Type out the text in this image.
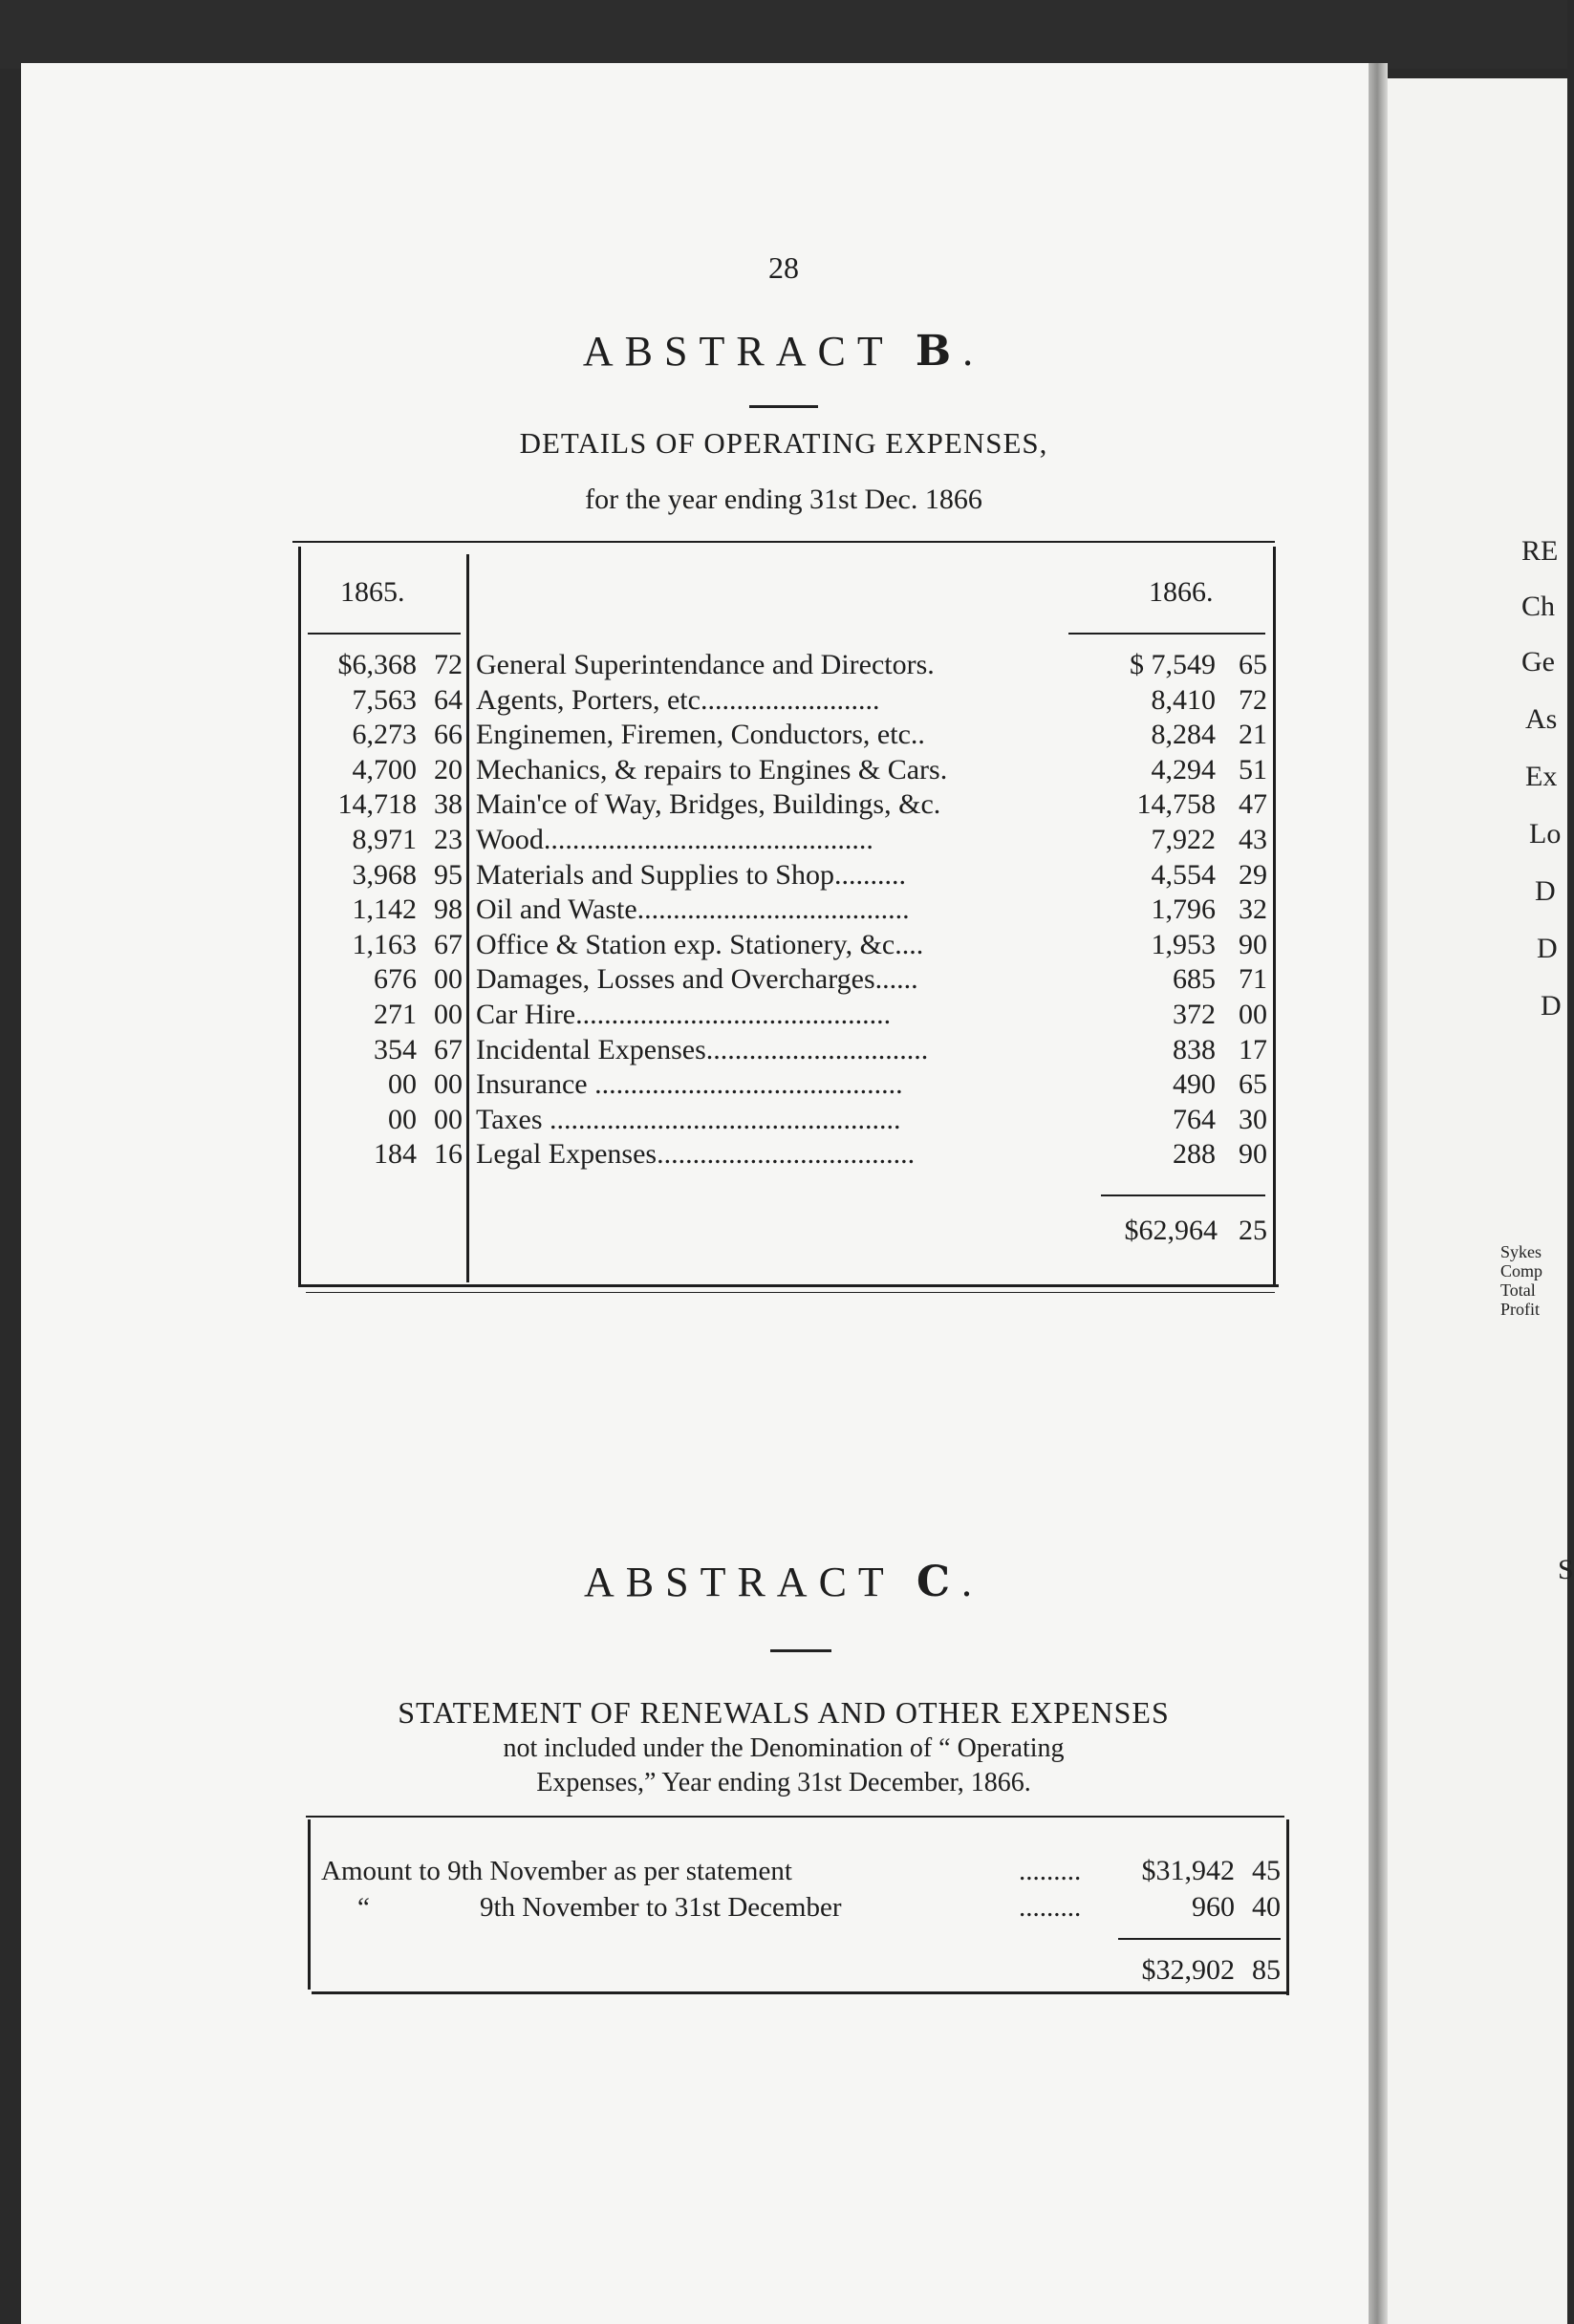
28
ABSTRACT B.
DETAILS OF OPERATING EXPENSES,
for the year ending 31st Dec. 1866
1865.	1866.
$6,368 72 General Superintendance and Directors.	$ 7,549 65
7,563 64 Agents, Porters, etc.........................	8,410 72
6,273 66 Enginemen, Firemen, Conductors, etc..	8,284 21
4,700 20 Mechanics, & repairs to Engines & Cars.	4,294 51
14,718 38 Main'ce of Way, Bridges, Buildings, &c.	14,758 47
8,971 23 Wood..............................................	7,922 43
3,968 95 Materials and Supplies to Shop..........	4,554 29
1,142 98 Oil and Waste......................................	1,796 32
1,163 67 Office & Station exp. Stationery, &c....	1,953 90
676 00 Damages, Losses and Overcharges......	685 71
271 00 Car Hire............................................	372 00
354 67 Incidental Expenses...............................	838 17
00 00 Insurance ...........................................	490 65
00 00 Taxes .................................................	764 30
184 16 Legal Expenses....................................	288 90
$62,964 25
ABSTRACT C.
STATEMENT OF RENEWALS AND OTHER EXPENSES
not included under the Denomination of “ Operating
Expenses,” Year ending 31st December, 1866.
Amount to 9th November as per statement	.........	$31,942 45
“	9th November to 31st December	.........	960 40
$32,902 85
RE
Ch
Ge
As
Ex
Lo
D
D
D
Sykes
Comp
Total
Profit
S
